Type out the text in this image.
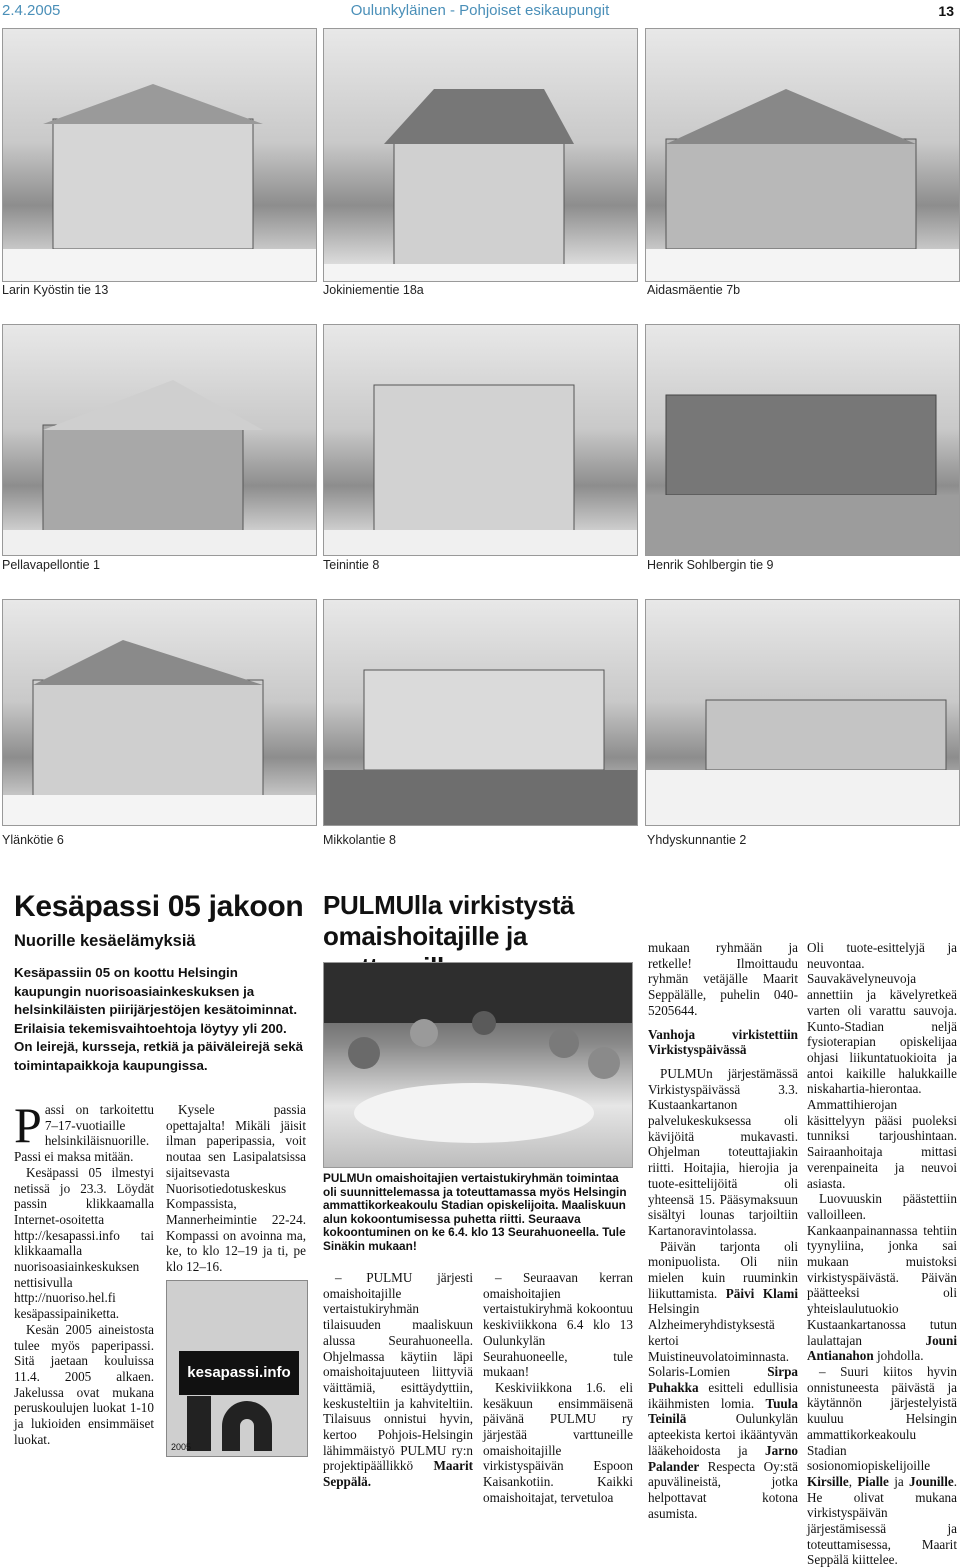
2.4.2005	Oulunkyläinen - Pohjoiset esikaupungit	13
Larin Kyöstin tie 13	Jokiniementie 18a	Aidasmäentie 7b
Pellavapellontie 1	Teinintie 8	Henrik Sohlbergin tie 9
Ylänkötie 6	Mikkolantie 8	Yhdyskunnantie 2
Kesäpassi 05 jakoon
Nuorille kesäelämyksiä
Kesäpassiin 05 on koottu Helsingin kaupungin nuorisoasiainkeskuksen ja helsinkiläisten piirijärjestöjen kesätoiminnat. Erilaisia tekemisvaihtoehtoja löytyy yli 200. On leirejä, kursseja, retkiä ja päiväleirejä sekä toimintapaikkoja kaupungissa.
P assi on tarkoitettu 7–17-vuotiaille helsinkiläisnuorille. Passi ei maksa mitään.

Kesäpassi 05 ilmestyi netissä jo 23.3. Löydät passin klikkaamalla Internet-osoitetta http://kesapassi.info tai klikkaamalla nuorisoasiainkeskuksen nettisivulla http://nuoriso.hel.fi kesäpassipainiketta.

Kesän 2005 aineistosta tulee myös paperipassi. Sitä jaetaan kouluissa 11.4. 2005 alkaen. Jakelussa ovat mukana peruskoulujen luokat 1-10 ja lukioiden ensimmäiset luokat.

Kysele passia opettajalta! Mikäli jäisit ilman paperipassia, voit noutaa sen Lasipalatsissa sijaitsevasta Nuorisotiedotuskeskus Kompassista, Mannerheimintie 22-24. Kompassi on avoinna ma, ke, to klo 12–19 ja ti, pe klo 12–16.

kesapassi.info
2005
PULMUlla virkistystä omaishoitajille ja
PULMUn omaishoitajien vertaistukiryhmän toimintaa oli suunnittelemassa ja toteuttamassa myös Helsingin ammattikorkeakoulu Stadian opiskelijoita. Maaliskuun alun kokoontumisessa puhetta riitti. Seuraava kokoontuminen on ke 6.4. klo 13 Seurahuoneella. Tule Sinäkin mukaan!

– PULMU järjesti omaishoitajille vertaistukiryhmän tilaisuuden maaliskuun alussa Seurahuoneella. Ohjelmassa käytiin läpi omaishoitajuuteen liittyviä väittämiä, esittäydyttiin, keskusteltiin ja kahviteltiin. Tilaisuus onnistui hyvin, kertoo Pohjois-Helsingin lähimmäistyö PULMU ry:n projektipäällikkö Maarit Seppälä.

– Seuraavan kerran omaishoitajien vertaistukiryhmä kokoontuu keskiviikkona 6.4 klo 13 Oulunkylän Seurahuoneelle, tule mukaan!

Keskiviikkona 1.6. eli kesäkuun ensimmäisenä päivänä PULMU ry järjestää varttuneille omaishoitajille virkistyspäivän Espoon Kaisankotiin. Kaikki omaishoitajat, tervetuloa

mukaan ryhmään ja retkelle! Ilmoittaudu ryhmän vetäjälle Maarit Seppälälle, puhelin 040-5205644.

Vanhoja virkistettiin Virkistyspäivässä

PULMUn järjestämässä Virkistyspäivässä 3.3. Kustaankartanon palvelukeskuksessa oli kävijöitä mukavasti. Ohjelman toteuttajiakin riitti. Hoitajia, hierojia ja tuote-esittelijöitä oli yhteensä 15. Pääsymaksuun sisältyi lounas tarjoiltiin Kartanoravintolassa.

Päivän tarjonta oli monipuolista. Oli niin mielen kuin ruuminkin liikuttamista. Päivi Klami Helsingin Alzheimeryhdistyksestä kertoi Muistineuvolatoiminnasta. Solaris-Lomien	Sirpa Puhakka esitteli edullisia ikäihmisten lomia. Tuula Teinilä	Oulunkylän apteekista kertoi ikääntyvän lääkehoidosta ja Jarno Palander Respecta Oy:stä apuvälineistä, jotka helpottavat kotona asumista.

Oli tuote-esittelyjä ja neuvontaa. Sauvakävelyneuvoja annettiin ja kävelyretkeä varten oli varattu sauvoja. Kunto-Stadian neljä fysioterapian opiskelijaa ohjasi liikuntatuokioita ja antoi kaikille halukkaille niskahartia-hierontaa. Ammattihierojan käsittelyyn pääsi puoleksi tunniksi tarjoushintaan. Sairaanhoitaja mittasi verenpaineita ja neuvoi asiasta.

Luovuuskin päästettiin valloilleen. Kankaanpainannassa tehtiin tyynyliina, jonka sai mukaan muistoksi virkistyspäivästä. Päivän päätteeksi oli yhteislaulutuokio Kustaankartanossa tutun laulattajan	Jouni Antianahon johdolla.

– Suuri kiitos hyvin onnistuneesta päivästä ja käytännön järjestelyistä kuuluu Helsingin ammattikorkeakoulu Stadian sosionomiopiskelijoille Kirsille, Pialle ja Jounille. He olivat mukana virkistyspäivän järjestämisessä ja toteuttamisessa, Maarit Seppälä kiittelee.
